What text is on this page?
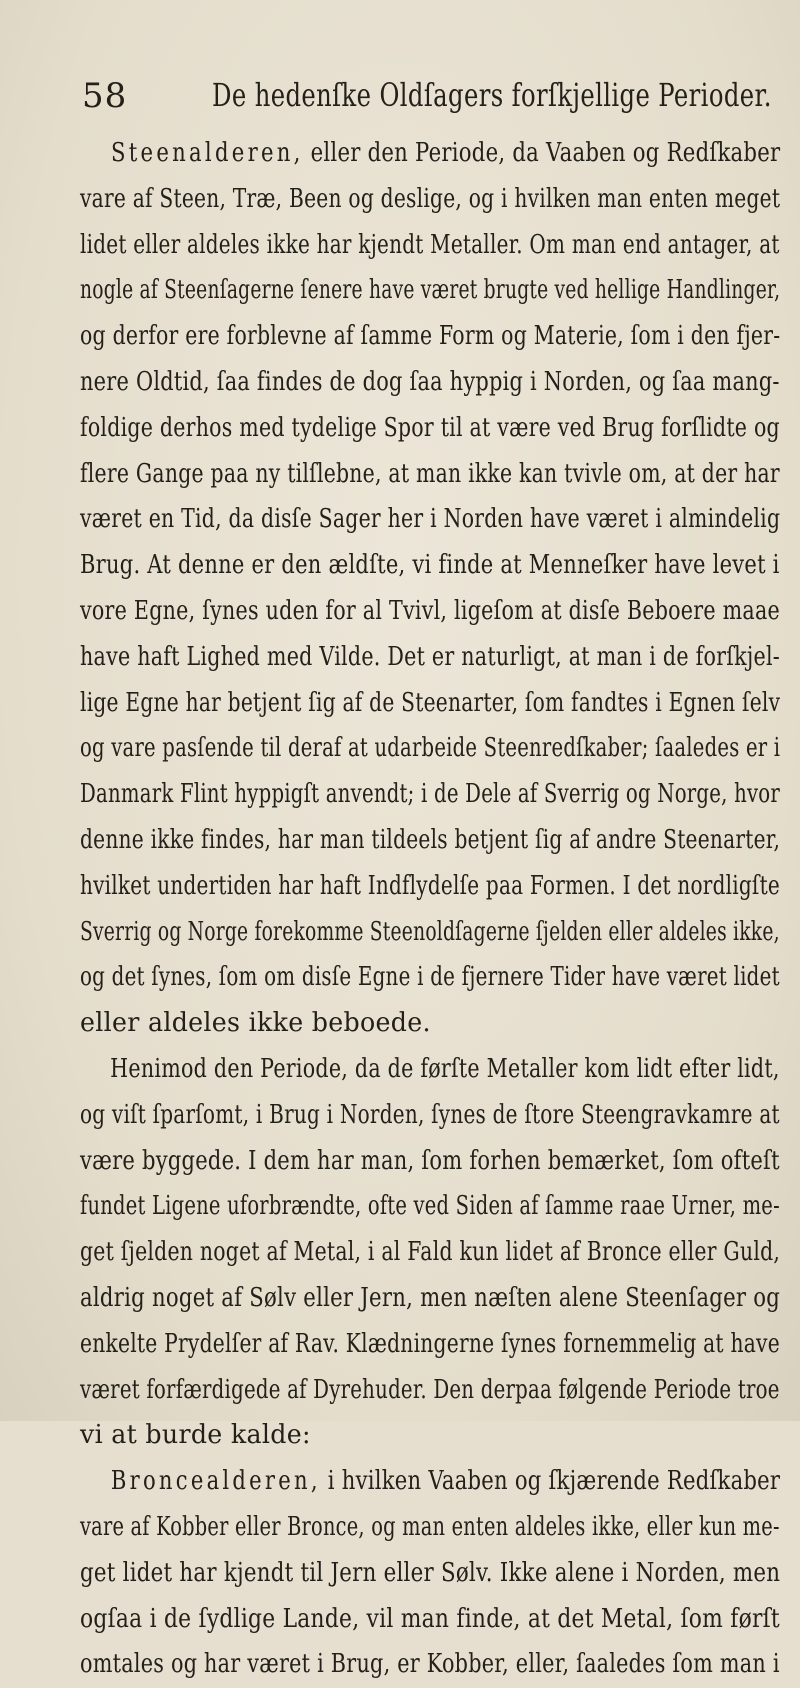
58	De hedenſke Oldſagers forſkjellige Perioder.
Steenalderen, eller den Periode, da Vaaben og Redſkaber
vare af Steen, Træ, Been og deslige, og i hvilken man enten meget
lidet eller aldeles ikke har kjendt Metaller. Om man end antager, at
nogle af Steenſagerne ſenere have været brugte ved hellige Handlinger,
og derfor ere forblevne af ſamme Form og Materie, ſom i den fjer-
nere Oldtid, ſaa findes de dog ſaa hyppig i Norden, og ſaa mang-
foldige derhos med tydelige Spor til at være ved Brug forſlidte og
flere Gange paa ny tilſlebne, at man ikke kan tvivle om, at der har
været en Tid, da disſe Sager her i Norden have været i almindelig
Brug. At denne er den ældſte, vi finde at Menneſker have levet i
vore Egne, ſynes uden for al Tvivl, ligeſom at disſe Beboere maae
have haft Lighed med Vilde. Det er naturligt, at man i de forſkjel-
lige Egne har betjent ſig af de Steenarter, ſom fandtes i Egnen ſelv
og vare pasſende til deraf at udarbeide Steenredſkaber; ſaaledes er i
Danmark Flint hyppigſt anvendt; i de Dele af Sverrig og Norge, hvor
denne ikke findes, har man tildeels betjent ſig af andre Steenarter,
hvilket undertiden har haft Indflydelſe paa Formen. I det nordligſte
Sverrig og Norge forekomme Steenoldſagerne ſjelden eller aldeles ikke,
og det ſynes, ſom om disſe Egne i de fjernere Tider have været lidet
eller aldeles ikke beboede.
Henimod den Periode, da de førſte Metaller kom lidt efter lidt,
og viſt ſparſomt, i Brug i Norden, ſynes de ſtore Steengravkamre at
være byggede. I dem har man, ſom forhen bemærket, ſom ofteſt
fundet Ligene uforbrændte, ofte ved Siden af ſamme raae Urner, me-
get ſjelden noget af Metal, i al Fald kun lidet af Bronce eller Guld,
aldrig noget af Sølv eller Jern, men næſten alene Steenſager og
enkelte Prydelſer af Rav. Klædningerne ſynes fornemmelig at have
været forfærdigede af Dyrehuder. Den derpaa følgende Periode troe
vi at burde kalde:
Broncealderen, i hvilken Vaaben og ſkjærende Redſkaber
vare af Kobber eller Bronce, og man enten aldeles ikke, eller kun me-
get lidet har kjendt til Jern eller Sølv. Ikke alene i Norden, men
ogſaa i de ſydlige Lande, vil man finde, at det Metal, ſom førſt
omtales og har været i Brug, er Kobber, eller, ſaaledes ſom man i
